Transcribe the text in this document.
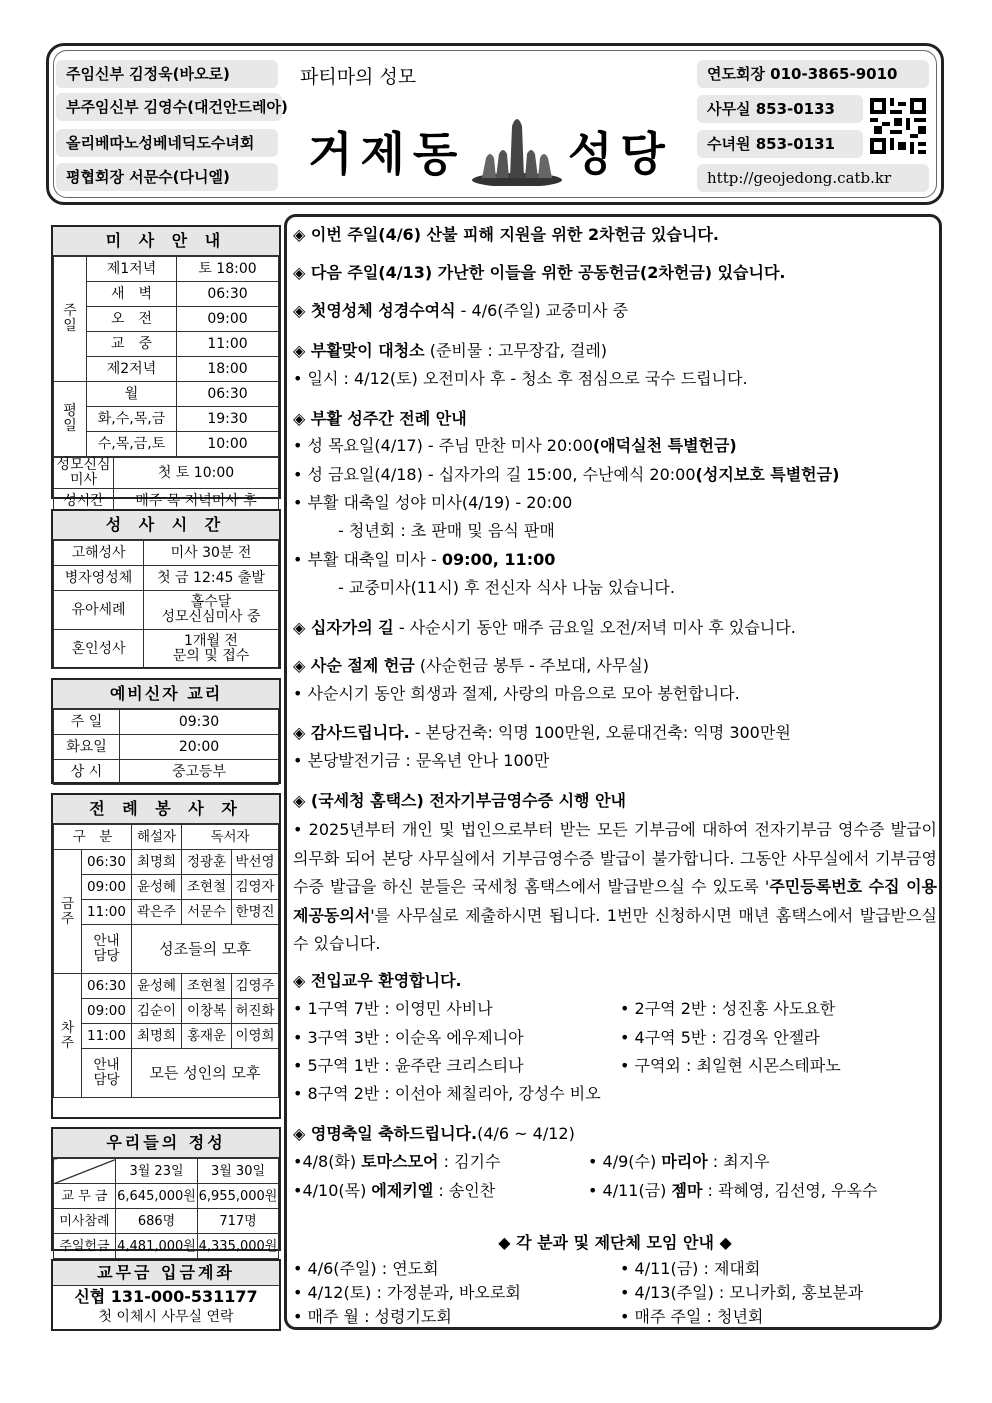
주임신부 김정욱(바오로)
부주임신부 김영수(대건안드레아)
올리베따노성베네딕도수녀회
평협회장 서문수(다니엘)
파티마의 성모
거제동 성당
연도회장 010-3865-9010
사무실 853-0133
수녀원 853-0131
http://geojedong.catb.kr
미 사 안 내
주일	제1저녁	토 18:00
	새　벽	06:30
	오　전	09:00
	교　중	11:00
	제2저녁	18:00
평일	월	06:30
	화,수,목,금	19:30
	수,목,금,토	10:00
성모신심미사	첫 토 10:00
성시간	매주 목 저녁미사 후
성 사 시 간
고해성사	미사 30분 전
병자영성체	첫 금 12:45 출발
유아세례	홀수달
성모신심미사 중
혼인성사	1개월 전
문의 및 접수
예비신자 교리
주 일	09:30
화요일	20:00
상 시	중고등부
전 례 봉 사 자
구　분		해설자	독서자	
금주	06:30	최명희	정광훈	박선영
	09:00	윤성혜	조현철	김영자
	11:00	곽은주	서문수	한명진
	안내
담당	성조들의 모후		
차주	06:30	윤성혜	조현철	김영주
	09:00	김순이	이창복	허진화
	11:00	최명희	홍재운	이영희
	안내
담당	모든 성인의 모후		
우리들의 정성
	3월 23일	3월 30일
교 무 금	6,645,000원	6,955,000원
미사참례	686명	717명
주일헌금	4,481,000원	4,335,000원
교무금 입금계좌
신협 131-000-531177
첫 이체시 사무실 연락
◈ 이번 주일(4/6) 산불 피해 지원을 위한 2차헌금 있습니다.
◈ 다음 주일(4/13) 가난한 이들을 위한 공동헌금(2차헌금) 있습니다.
◈ 첫영성체 성경수여식 - 4/6(주일) 교중미사 중
◈ 부활맞이 대청소 (준비물 : 고무장갑, 걸레)
• 일시 : 4/12(토) 오전미사 후 - 청소 후 점심으로 국수 드립니다.
◈ 부활 성주간 전례 안내
• 성 목요일(4/17) - 주님 만찬 미사 20:00(애덕실천 특별헌금)
• 성 금요일(4/18) - 십자가의 길 15:00, 수난예식 20:00(성지보호 특별헌금)
• 부활 대축일 성야 미사(4/19) - 20:00
- 청년회 : 초 판매 및 음식 판매
• 부활 대축일 미사 - 09:00, 11:00
- 교중미사(11시) 후 전신자 식사 나눔 있습니다.
◈ 십자가의 길 - 사순시기 동안 매주 금요일 오전/저녁 미사 후 있습니다.
◈ 사순 절제 헌금 (사순헌금 봉투 - 주보대, 사무실)
• 사순시기 동안 희생과 절제, 사랑의 마음으로 모아 봉헌합니다.
◈ 감사드립니다. - 본당건축: 익명 100만원, 오륜대건축: 익명 300만원
• 본당발전기금 : 문옥년 안나 100만
◈ (국세청 홈택스) 전자기부금영수증 시행 안내
• 2025년부터 개인 및 법인으로부터 받는 모든 기부금에 대하여 전자기부금 영수증 발급이 의무화 되어 본당 사무실에서 기부금영수증 발급이 불가합니다. 그동안 사무실에서 기부금영수증 발급을 하신 분들은 국세청 홈택스에서 발급받으실 수 있도록 '주민등록번호 수집 이용 제공동의서'를 사무실로 제출하시면 됩니다. 1번만 신청하시면 매년 홈택스에서 발급받으실 수 있습니다.
◈ 전입교우 환영합니다.
• 1구역 7반 : 이영민 사비나
• 3구역 3반 : 이순옥 에우제니아
• 5구역 1반 : 윤주란 크리스티나
• 8구역 2반 : 이선아 체칠리아, 강성수 비오
• 2구역 2반 : 성진홍 사도요한
• 4구역 5반 : 김경옥 안젤라
• 구역외 : 최일현 시몬스테파노
◈ 영명축일 축하드립니다.(4/6 ~ 4/12)
•4/8(화) 토마스모어 : 김기수	• 4/9(수) 마리아 : 최지우
•4/10(목) 에제키엘 : 송인찬	• 4/11(금) 젬마 : 곽혜영, 김선영, 우옥수
◆ 각 분과 및 제단체 모임 안내 ◆
• 4/6(주일) : 연도회
• 4/12(토) : 가정분과, 바오로회
• 매주 월 : 성령기도회
• 4/11(금) : 제대회
• 4/13(주일) : 모니카회, 홍보분과
• 매주 주일 : 청년회
